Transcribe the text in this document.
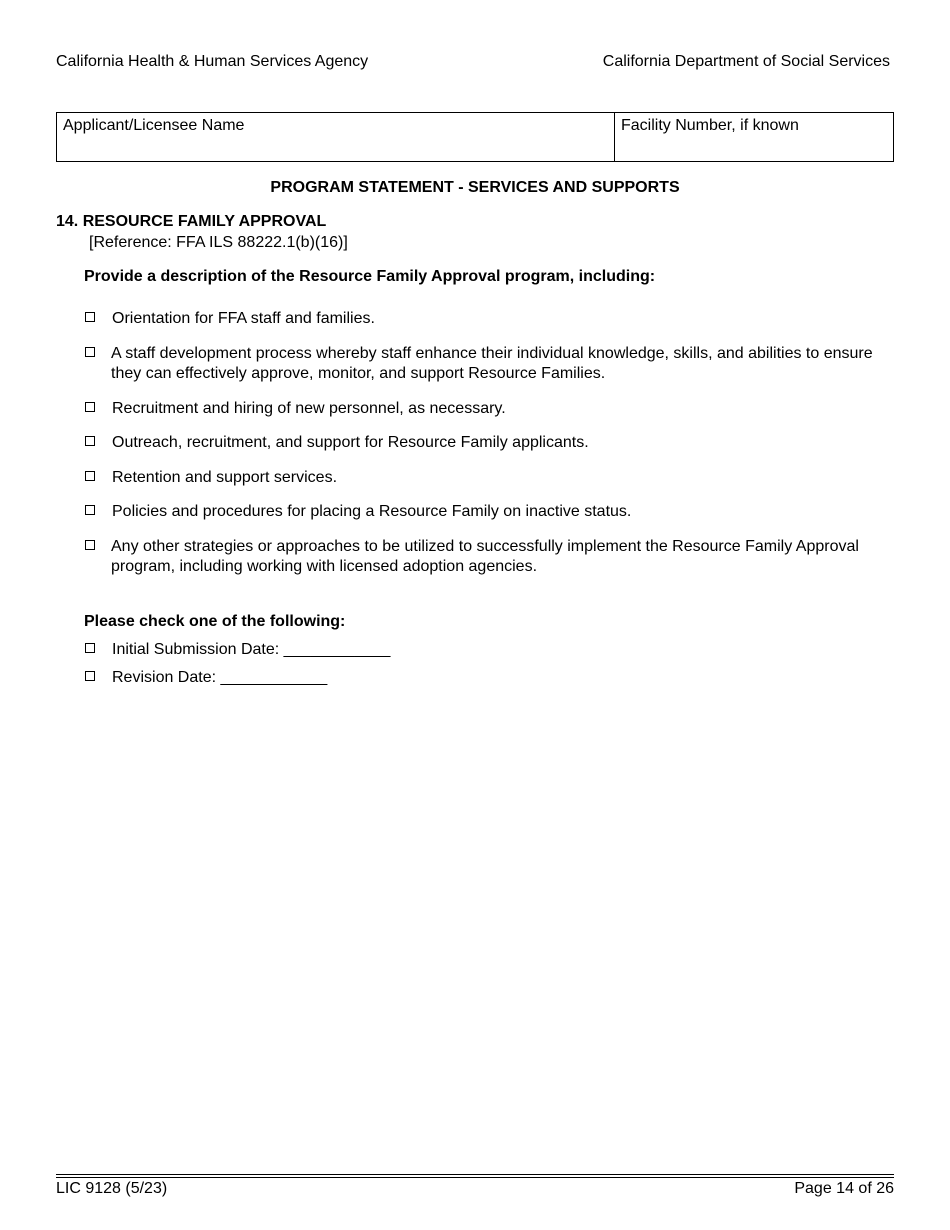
California Health & Human Services Agency	California Department of Social Services
Applicant/Licensee Name	Facility Number, if known
PROGRAM STATEMENT - SERVICES AND SUPPORTS
14. RESOURCE FAMILY APPROVAL
[Reference: FFA ILS 88222.1(b)(16)]
Provide a description of the Resource Family Approval program, including:
Orientation for FFA staff and families.
A staff development process whereby staff enhance their individual knowledge, skills, and abilities to ensure they can effectively approve, monitor, and support Resource Families.
Recruitment and hiring of new personnel, as necessary.
Outreach, recruitment, and support for Resource Family applicants.
Retention and support services.
Policies and procedures for placing a Resource Family on inactive status.
Any other strategies or approaches to be utilized to successfully implement the Resource Family Approval program, including working with licensed adoption agencies.
Please check one of the following:
Initial Submission Date: ____________
Revision Date: ____________
LIC 9128 (5/23)	Page 14 of 26
